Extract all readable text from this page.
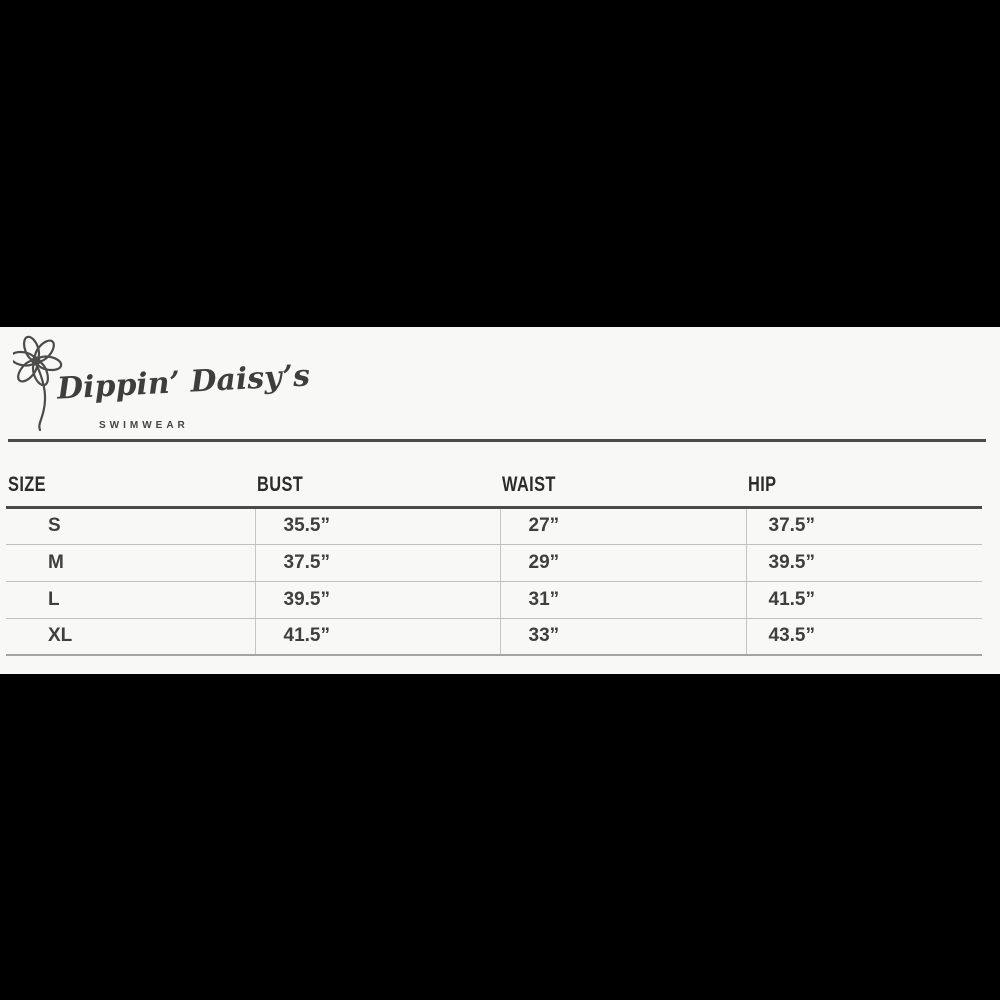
Dippin’ Daisy’s
SWIMWEAR
SIZE	BUST	WAIST	HIP
S	35.5”	27”	37.5”
M	37.5”	29”	39.5”
L	39.5”	31”	41.5”
XL	41.5”	33”	43.5”
